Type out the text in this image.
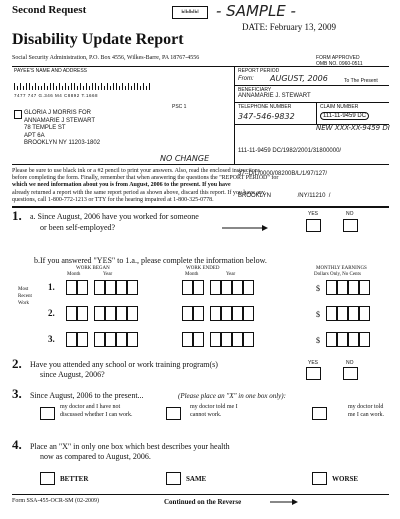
Second Request	ыыыы	- SAMPLE -
DATE: February 13, 2009
Disability Update Report
Social Security Administration, P.O. Box 4556, Wilkes-Barre, PA 18767-4556	FORM APPROVED
OMB NO. 0960-0511
PAYEE'S NAME AND ADDRESS
7477 747 G.346 M4 C8892 T.1668
PSC 1
GLORIA J MORRIS FOR
ANNAMARIE J STEWART
78 TEMPLE ST
APT 6A
BROOKLYN NY 11203-1802
NO CHANGE
REPORT PERIOD
From: AUGUST, 2006	To The Present
BENEFICIARY
ANNAMARIE J. STEWART
TELEPHONE NUMBER	CLAIM NUMBER
347-546-9832	111-11-9459 DC
NEW XXX-XX-9459 DI

111-11-9459 DC/1982/2001/31800000/

37--D/L/0000/08200B/L/1/97/127/

BROOKLYN                /NY/11210  /

Please be sure to use black ink or a #2 pencil to print your answers. Also, read the enclosed instructions
before completing the form. Finally, remember that when answering the questions the "REPORT PERIOD" for
which we need information about you is from August, 2006 to the present. If you have
already returned a report with the same report period as shown above, discard this report. If you have any
questions, call 1-800-772-1213 or TTY for the hearing impaired at 1-800-325-0778.
1. a. Since August, 2006 have you worked for someone
or been self-employed?
YES	NO
b.If you answered "YES" to 1.a., please complete the information below.
WORK BEGAN	WORK ENDED	MONTHLY EARNINGS
Month	Year	Month	Year	Dollars Only, No Cents
Most Recent Work
1.	$
2.	$
3.	$
2. Have you attended any school or work training program(s)
since August, 2006?
YES	NO
3. Since August, 2006 to the present...	(Please place an "X" in one box only):
my doctor and I have not discussed whether I can work.
my doctor told me I cannot work.
my doctor told me I can work.
4. Place an "X" in only one box which best describes your health
now as compared to August, 2006.
BETTER	SAME	WORSE
Form SSA-455-OCR-SM (02-2009)	Continued on the Reverse
